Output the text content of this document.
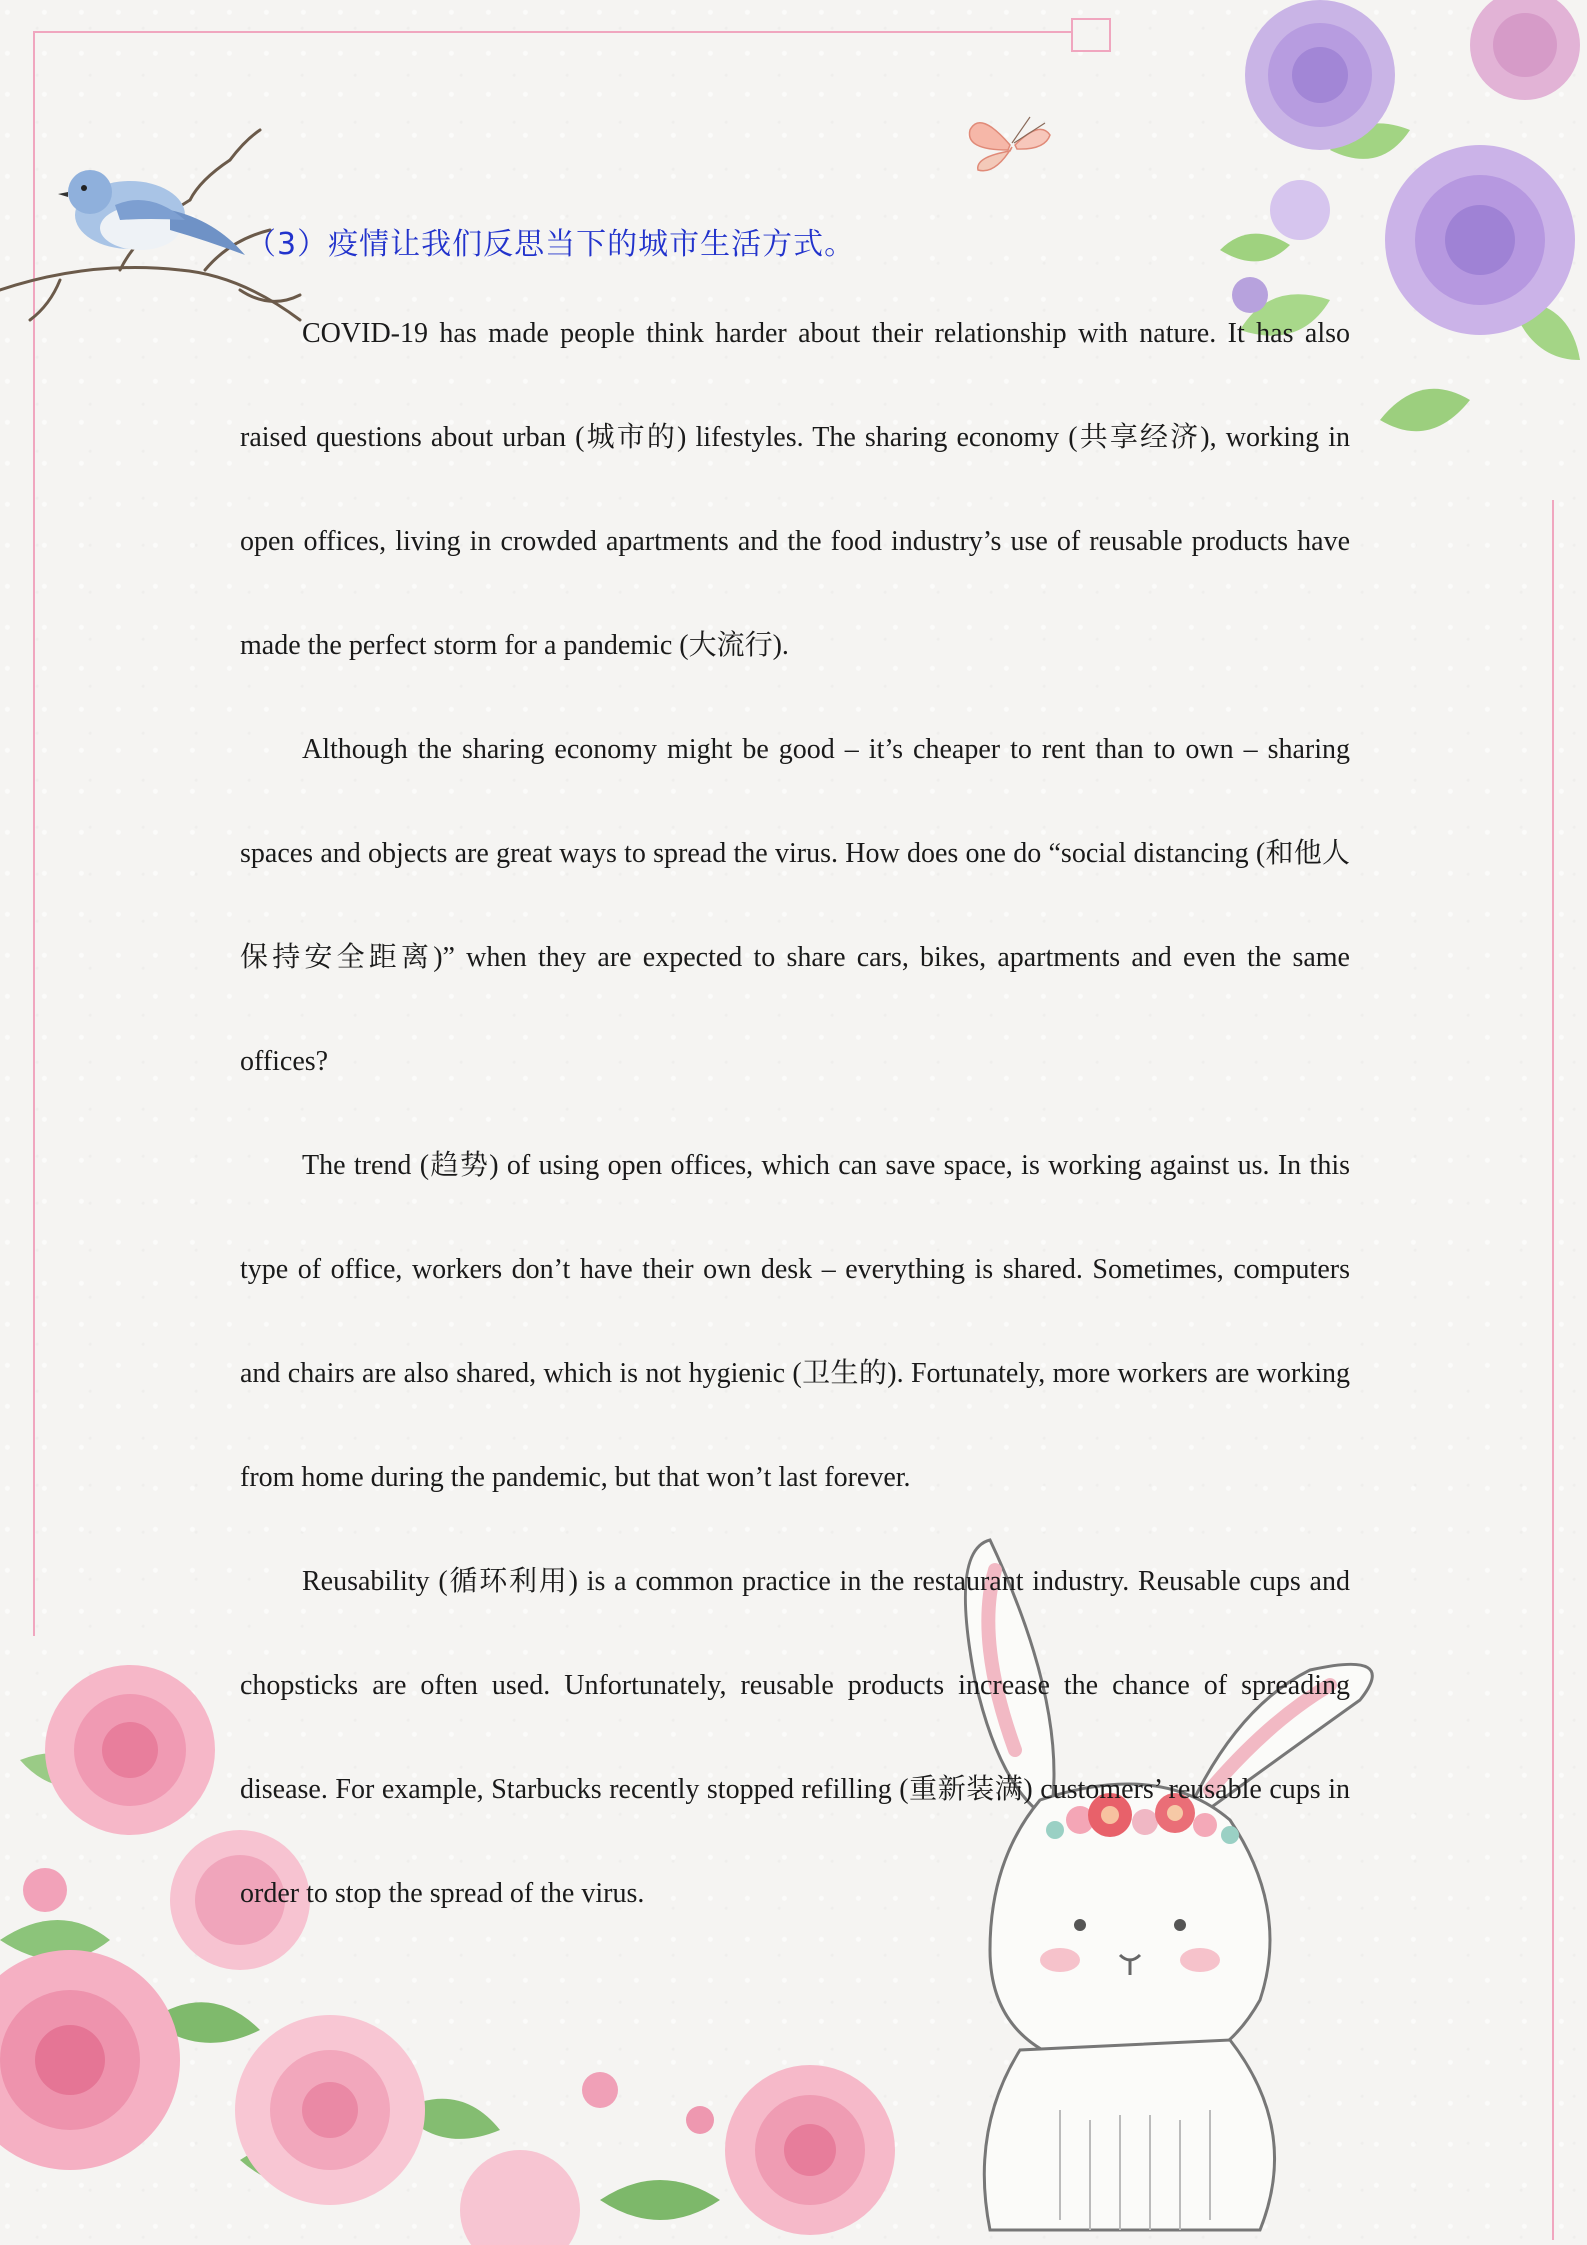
（3）疫情让我们反思当下的城市生活方式。

COVID-19 has made people think harder about their relationship with nature. It has also raised questions about urban (城市的) lifestyles. The sharing economy (共享经济), working in open offices, living in crowded apartments and the food industry’s use of reusable products have made the perfect storm for a pandemic (大流行).

Although the sharing economy might be good – it’s cheaper to rent than to own – sharing spaces and objects are great ways to spread the virus. How does one do “social distancing (和他人保持安全距离)” when they are expected to share cars, bikes, apartments and even the same offices?

The trend (趋势) of using open offices, which can save space, is working against us. In this type of office, workers don’t have their own desk – everything is shared. Sometimes, computers and chairs are also shared, which is not hygienic (卫生的). Fortunately, more workers are working from home during the pandemic, but that won’t last forever.

Reusability (循环利用) is a common practice in the restaurant industry. Reusable cups and chopsticks are often used. Unfortunately, reusable products increase the chance of spreading disease. For example, Starbucks recently stopped refilling (重新装满) customers’ reusable cups in order to stop the spread of the virus.
